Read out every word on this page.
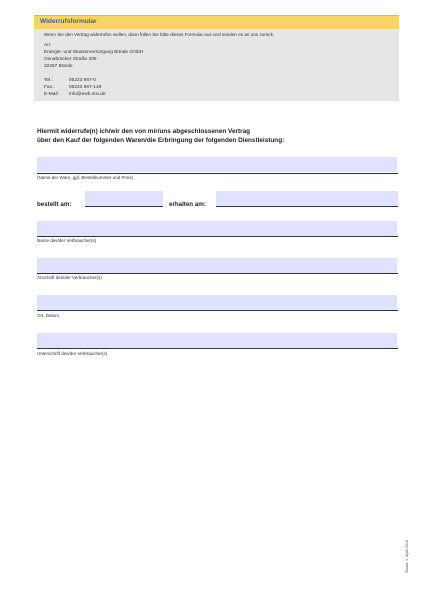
Widerrufsformular
Wenn Sie den Vertrag widerrufen wollen, dann füllen Sie bitte dieses Formular aus und senden es an uns zurück.
An:
Energie- und Wasserversorgung Bünde GmbH
Osnabrücker Straße 205
32257 Bünde
Tel.:	05223 967-0
Fax.:	05223 967-148
E-Mail: info@ewb.sov.de
Hiermit widerrufe(n) ich/wir den von mir/uns abgeschlossenen Vertrag
über den Kauf der folgenden Waren/die Erbringung der folgenden Dienstleistung:
(Name der Ware, ggf. Bestellnummer und Preis)
bestellt am:	erhalten am:
Name des/der Verbraucher(s)
Anschrift des/der Verbraucher(s)
Ort, Datum
Unterschrift des/der Verbraucher(s)
Stand: 1. April 2016
